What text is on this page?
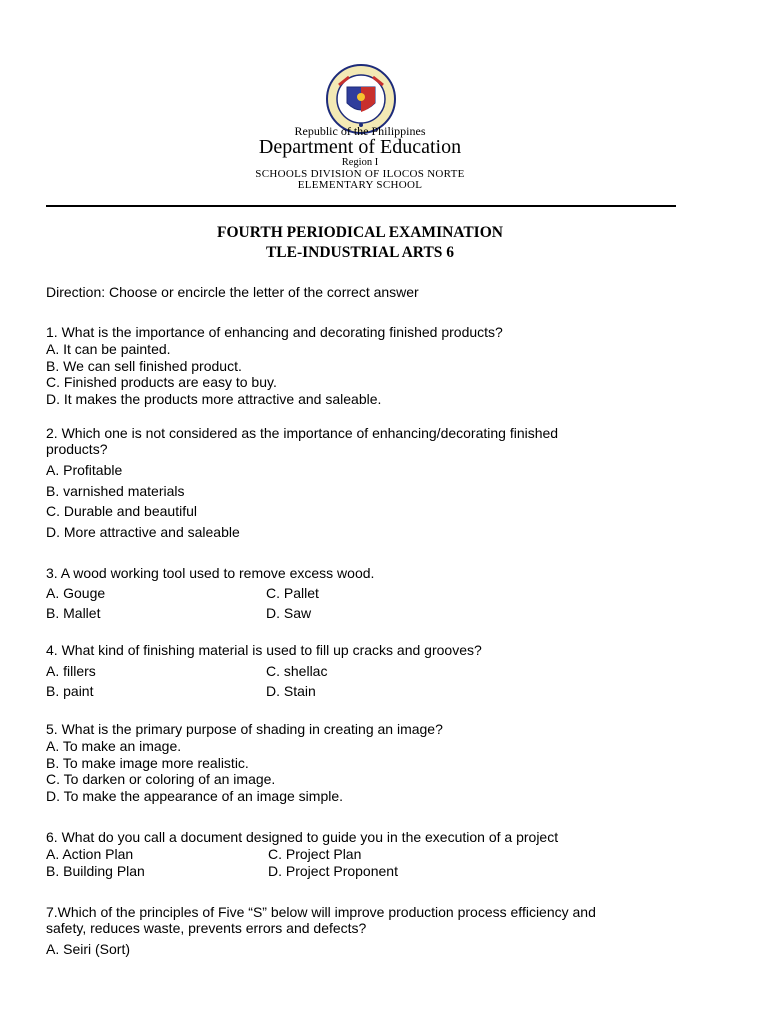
Republic of the Philippines
Department of Education
Region I
SCHOOLS DIVISION OF ILOCOS NORTE
ELEMENTARY SCHOOL
FOURTH PERIODICAL EXAMINATION
TLE-INDUSTRIAL ARTS 6
Direction: Choose or encircle the letter of the correct answer
1. What is the importance of enhancing and decorating finished products?
A. It can be painted.
B. We can sell finished product.
C. Finished products are easy to buy.
D. It makes the products more attractive and saleable.
2. Which one is not considered as the importance of enhancing/decorating finished
products?
A. Profitable
B. varnished materials
C. Durable and beautiful
D. More attractive and saleable
3. A wood working tool used to remove excess wood.
A. Gouge	C. Pallet
B. Mallet	D. Saw
4. What kind of finishing material is used to fill up cracks and grooves?
A. fillers	C. shellac
B. paint	D. Stain
5. What is the primary purpose of shading in creating an image?
A. To make an image.
B. To make image more realistic.
C. To darken or coloring of an image.
D. To make the appearance of an image simple.
6. What do you call a document designed to guide you in the execution of a project
A. Action Plan	C. Project Plan
B. Building Plan	D. Project Proponent
7.Which of the principles of Five “S” below will improve production process efficiency and
safety, reduces waste, prevents errors and defects?
A. Seiri (Sort)
